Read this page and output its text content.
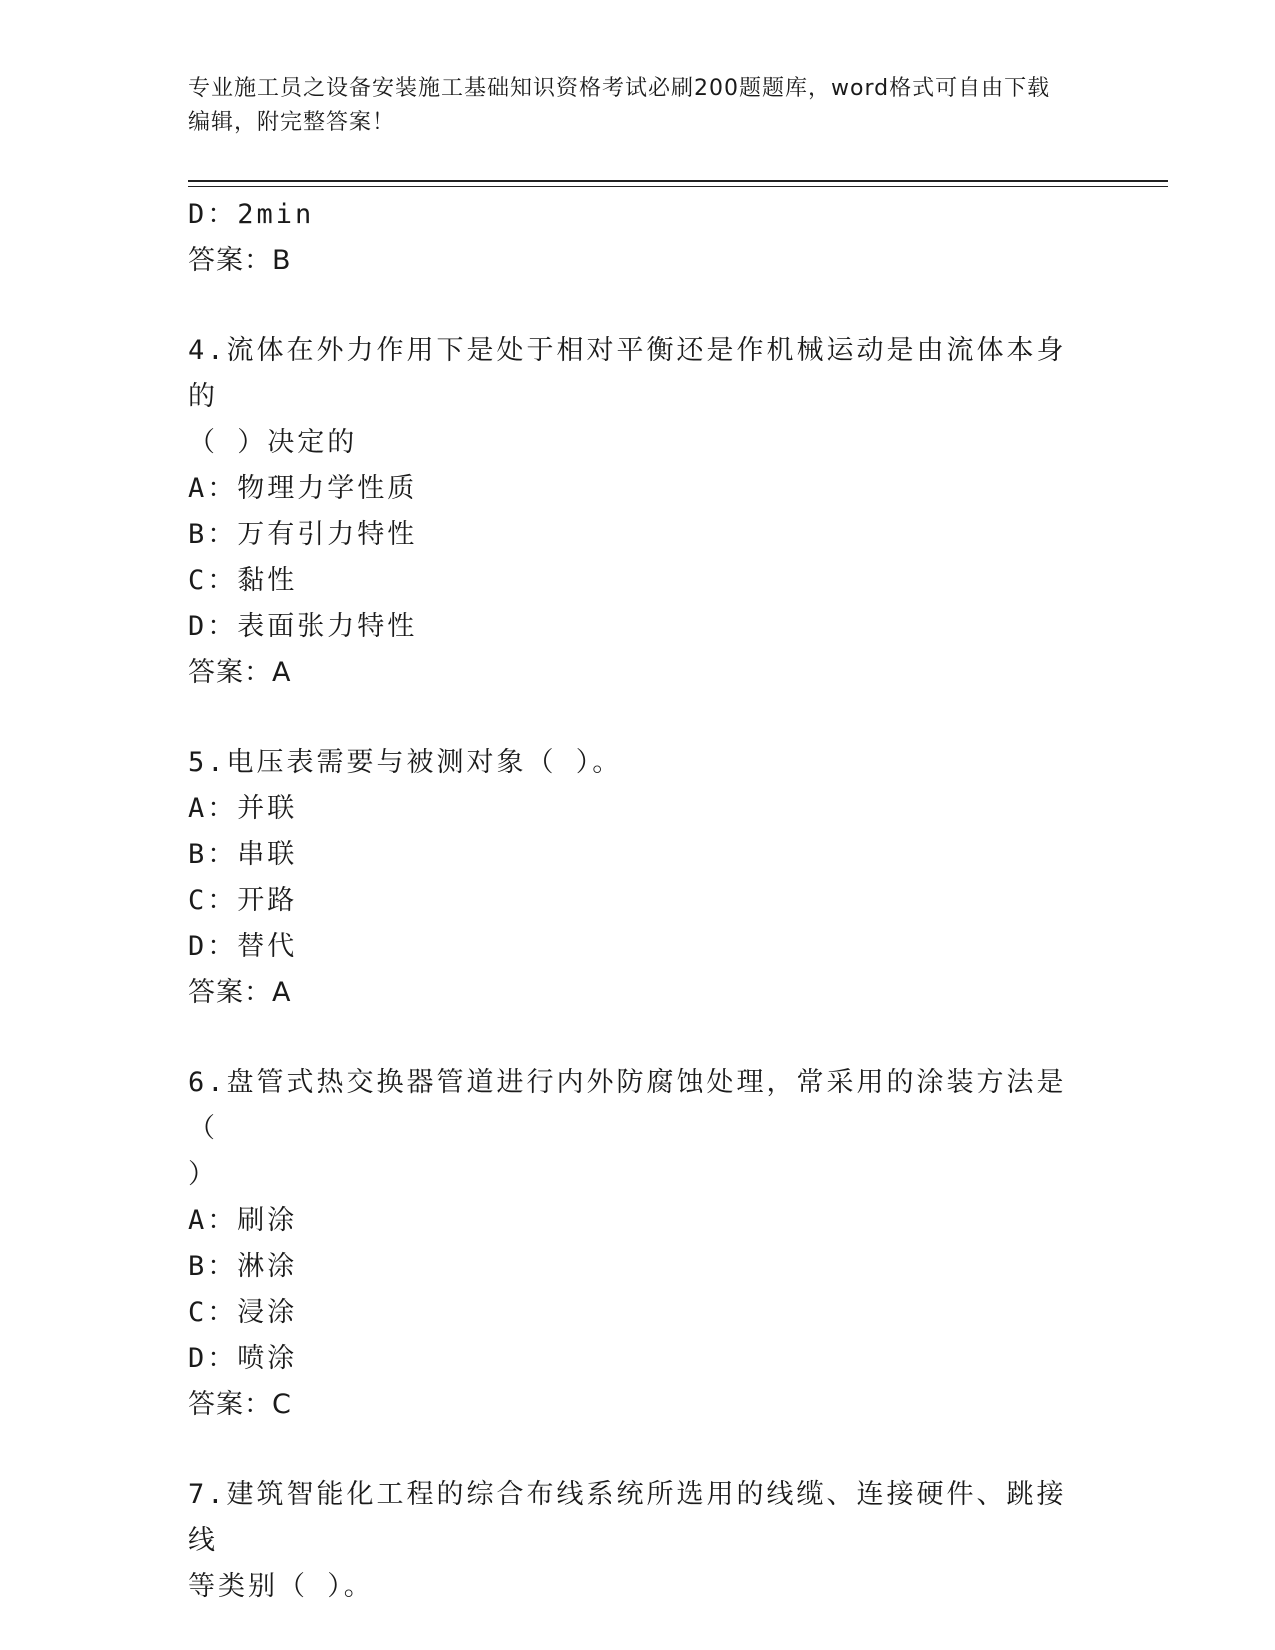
专业施工员之设备安装施工基础知识资格考试必刷200题题库，word格式可自由下载编辑，附完整答案！
D：2min
答案：B
4.流体在外力作用下是处于相对平衡还是作机械运动是由流体本身的
（ ）决定的
A：物理力学性质
B：万有引力特性
C：黏性
D：表面张力特性
答案：A
5.电压表需要与被测对象（ ）。
A：并联
B：串联
C：开路
D：替代
答案：A
6.盘管式热交换器管道进行内外防腐蚀处理，常采用的涂装方法是（
）
A：刷涂
B：淋涂
C：浸涂
D：喷涂
答案：C
7.建筑智能化工程的综合布线系统所选用的线缆、连接硬件、跳接线
等类别（ ）。
